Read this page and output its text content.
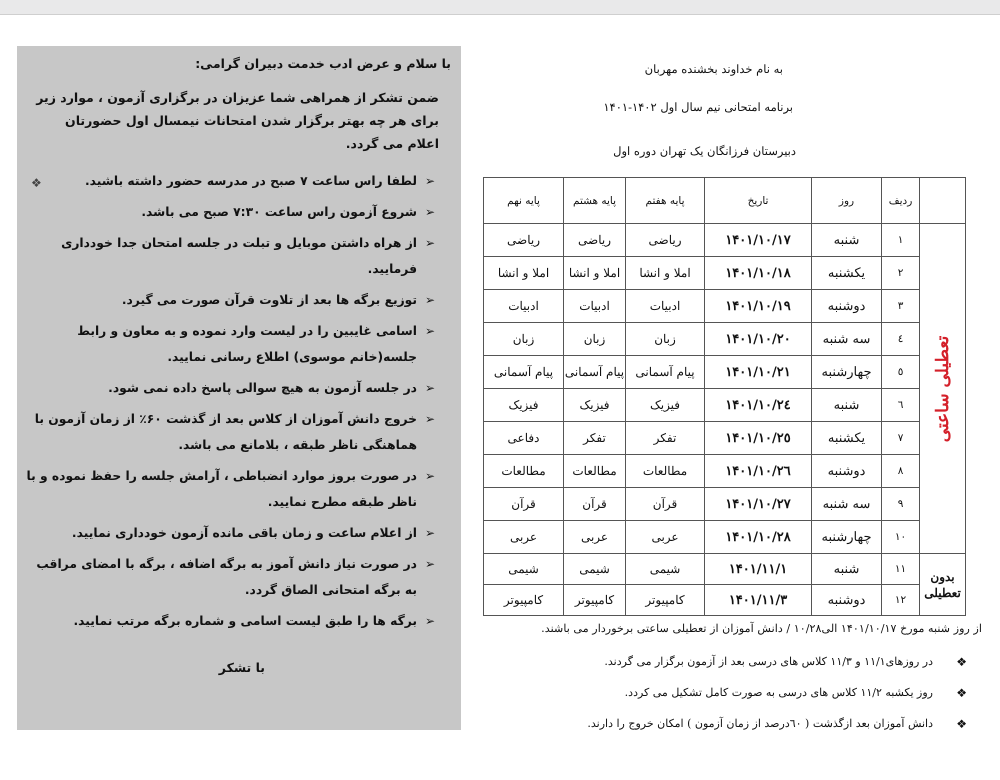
با سلام و عرض ادب خدمت دبیران گرامی:
ضمن تشکر از همراهی شما عزیزان در برگزاری آزمون ، موارد زیر برای هر چه بهتر برگزار شدن امتحانات نیمسال اول حضورتان اعلام می گردد.
❖	➢
لطفا راس ساعت ۷ صبح در مدرسه حضور داشته باشید.
➢
شروع آزمون راس ساعت ۷:۳۰ صبح می باشد.
➢
از هراه داشتن موبایل و تبلت در جلسه امتحان جدا خودداری فرمایید.
➢
توزیع برگه ها بعد از تلاوت قرآن صورت می گیرد.
➢
اسامی غایبین را در لیست وارد نموده و به معاون و رابط جلسه(خانم موسوی) اطلاع رسانی نمایید.
➢
در جلسه آزمون به هیچ سوالی پاسخ داده نمی شود.
➢
خروج دانش آموزان از کلاس بعد از گذشت ۶۰٪ از زمان آزمون با هماهنگی ناظر طبقه ، بلامانع می باشد.
➢
در صورت بروز موارد انضباطی ، آرامش جلسه را حفظ نموده و با ناظر طبقه مطرح نمایید.
➢
از اعلام ساعت و زمان باقی مانده آزمون خودداری نمایید.
➢
در صورت نیاز دانش آموز به برگه اضافه ، برگه با امضای مراقب به برگه امتحانی الصاق گردد.
➢
برگه ها را طبق لیست اسامی و شماره برگه مرتب نمایید.
با تشکر
به نام خداوند بخشنده مهربان
برنامه امتحانی نیم سال اول ۱۴۰۲-۱۴۰۱
دبیرستان فرزانگان یک تهران دوره اول
	ردیف	روز	تاریخ	پایه هفتم	پایه هشتم	پایه نهم	

تعطیلی ساعتی	۱	شنبه	۱۴۰۱/۱۰/۱۷	ریاضی	ریاضی	ریاضی	
	۲	یکشنبه	۱۴۰۱/۱۰/۱۸	املا و انشا	املا و انشا	املا و انشا	
	۳	دوشنبه	۱۴۰۱/۱۰/۱۹	ادبیات	ادبیات	ادبیات	
	٤	سه شنبه	۱۴۰۱/۱۰/۲۰	زبان	زبان	زبان	
	٥	چهارشنبه	۱۴۰۱/۱۰/۲۱	پیام آسمانی	پیام آسمانی	پیام آسمانی	
	٦	شنبه	۱۴۰۱/۱۰/۲٤	فیزیک	فیزیک	فیزیک	
	۷	یکشنبه	۱۴۰۱/۱۰/۲٥	تفکر	تفکر	دفاعی	
	۸	دوشنبه	۱۴۰۱/۱۰/۲٦	مطالعات	مطالعات	مطالعات	
	۹	سه شنبه	۱۴۰۱/۱۰/۲۷	قرآن	قرآن	قرآن	
	۱۰	چهارشنبه	۱۴۰۱/۱۰/۲۸	عربی	عربی	عربی	
بدون
تعطیلی	۱۱	شنبه	۱۴۰۱/۱۱/۱	شیمی	شیمی	شیمی	
	۱۲	دوشنبه	۱۴۰۱/۱۱/۳	کامپیوتر	کامپیوتر	کامپیوتر	
از روز شنبه مورخ ۱۴۰۱/۱۰/۱۷ الی۱۰/۲۸ / دانش آموزان از تعطیلی ساعتی برخوردار می باشند.
❖
در روزهای۱۱/۱ و ۱۱/۳ کلاس های درسی بعد از آزمون برگزار می گردند.
❖
روز یکشبه ۱۱/۲ کلاس های درسی به صورت کامل تشکیل می کردد.
❖
دانش آموزان بعد ازگذشت ( ٦۰درصد از زمان آزمون ) امکان خروج را دارند.
